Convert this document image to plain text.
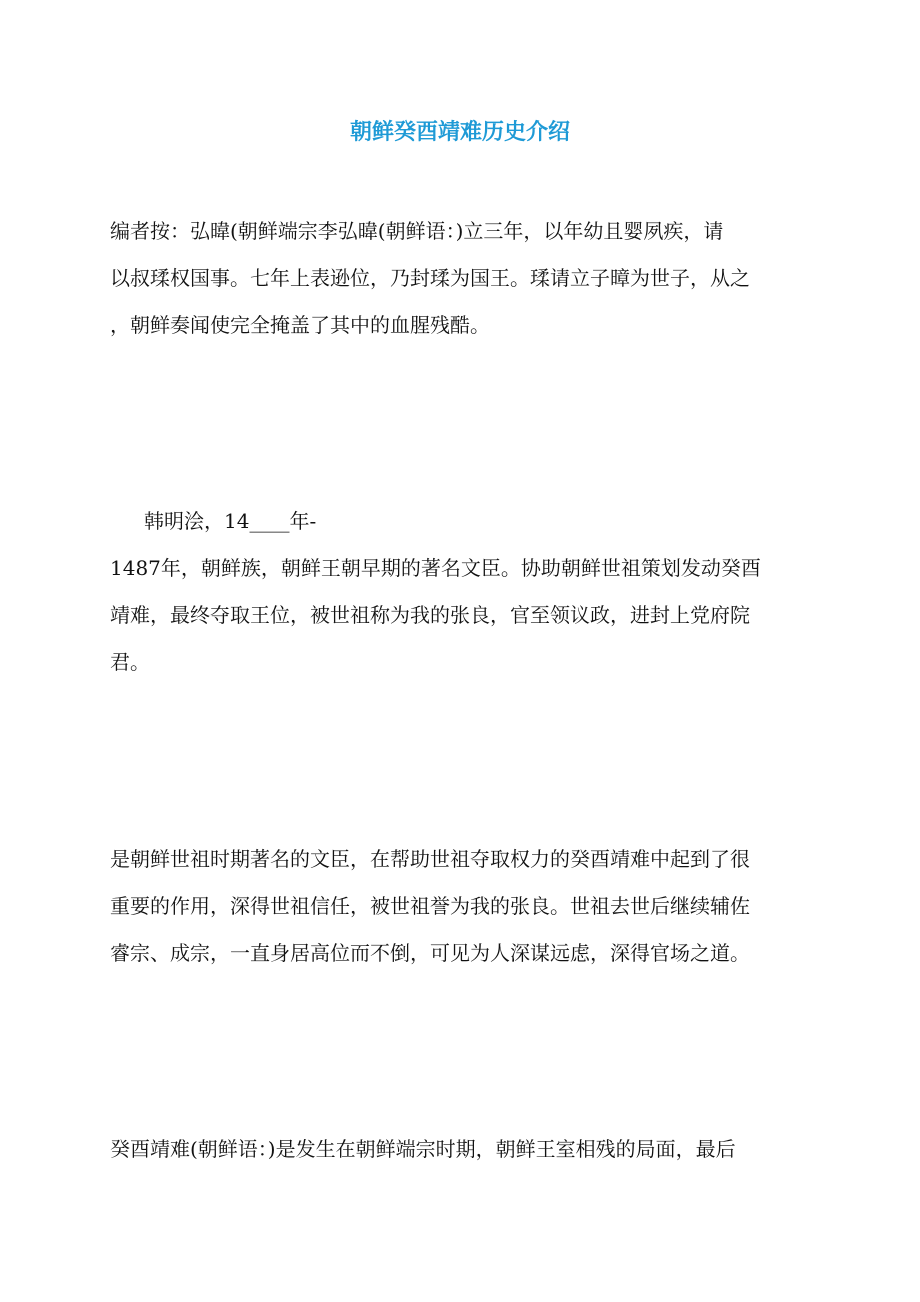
朝鲜癸酉靖难历史介绍
编者按：弘暐(朝鲜端宗李弘暐(朝鲜语：)立三年，以年幼且婴夙疾，请
以叔瑈权国事。七年上表逊位，乃封瑈为国王。瑈请立子暲为世子，从之
，朝鲜奏闻使完全掩盖了其中的血腥残酷。
韩明浍，14____年-
1487年，朝鲜族，朝鲜王朝早期的著名文臣。协助朝鲜世祖策划发动癸酉
靖难，最终夺取王位，被世祖称为我的张良，官至领议政，进封上党府院
君。
是朝鲜世祖时期著名的文臣，在帮助世祖夺取权力的癸酉靖难中起到了很
重要的作用，深得世祖信任，被世祖誉为我的张良。世祖去世后继续辅佐
睿宗、成宗，一直身居高位而不倒，可见为人深谋远虑，深得官场之道。
癸酉靖难(朝鲜语：)是发生在朝鲜端宗时期，朝鲜王室相残的局面，最后
